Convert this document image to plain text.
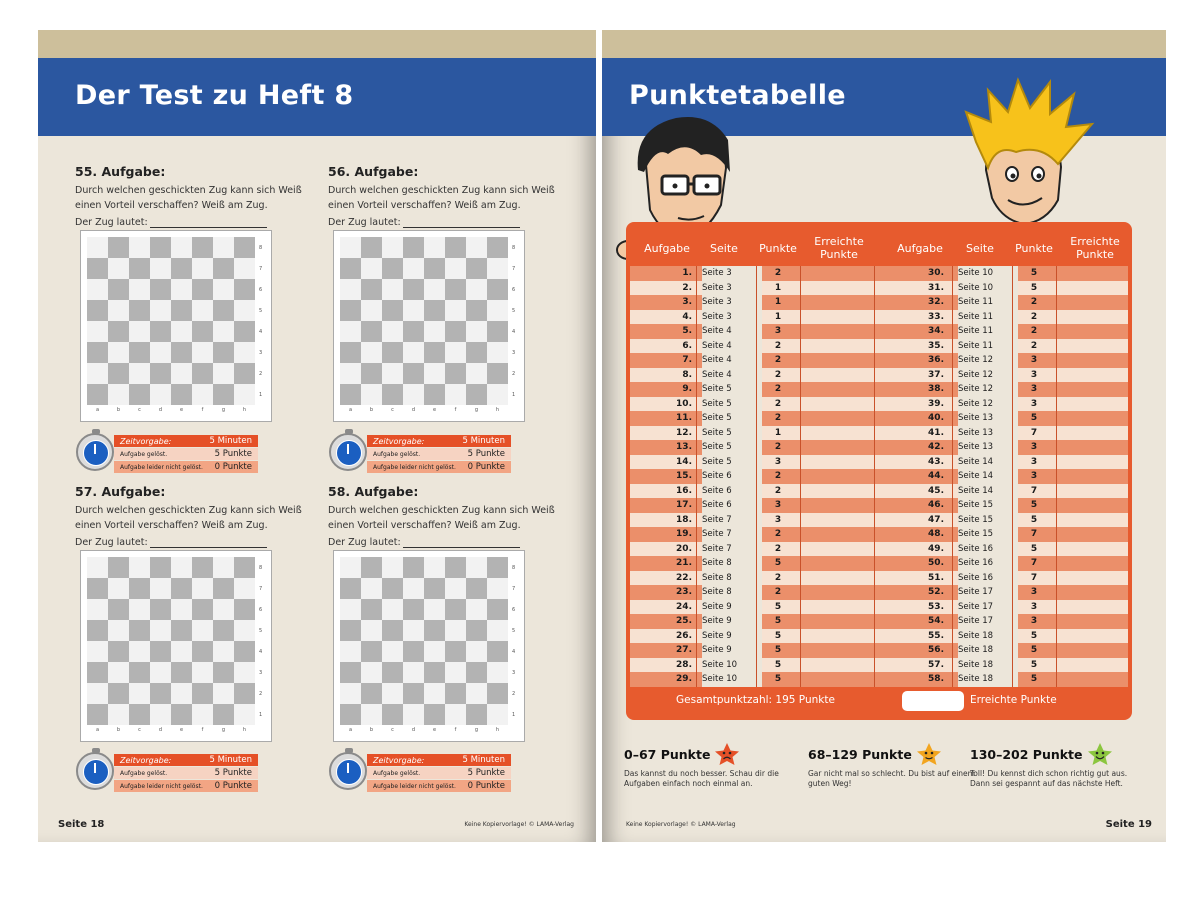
Der Test zu Heft 8
55. Aufgabe:
Durch welchen geschickten Zug kann sich Weiß einen Vorteil verschaffen? Weiß am Zug.
Der Zug lautet:
56. Aufgabe:
Durch welchen geschickten Zug kann sich Weiß einen Vorteil verschaffen? Weiß am Zug.
Der Zug lautet:
57. Aufgabe:
Durch welchen geschickten Zug kann sich Weiß einen Vorteil verschaffen? Weiß am Zug.
Der Zug lautet:
58. Aufgabe:
Durch welchen geschickten Zug kann sich Weiß einen Vorteil verschaffen? Weiß am Zug.
Der Zug lautet:
8
7
6
5
4
3
2
1
a	b	c	d	e	f	g	h
8
7
6
5
4
3
2
1
a	b	c	d	e	f	g	h
8
7
6
5
4
3
2
1
a	b	c	d	e	f	g	h
8
7
6
5
4
3
2
1
a	b	c	d	e	f	g	h
Zeitvorgabe:	5 Minuten
Aufgabe gelöst.	5 Punkte
Aufgabe leider nicht gelöst. 0 Punkte
Zeitvorgabe:	5 Minuten
Aufgabe gelöst.	5 Punkte
Aufgabe leider nicht gelöst. 0 Punkte
Zeitvorgabe:	5 Minuten
Aufgabe gelöst.	5 Punkte
Aufgabe leider nicht gelöst. 0 Punkte
Zeitvorgabe:	5 Minuten
Aufgabe gelöst.	5 Punkte
Aufgabe leider nicht gelöst. 0 Punkte
Seite 18	Keine Kopiervorlage! © LAMA-Verlag
Punktetabelle
Aufgabe	Seite	Punkte	Erreichte
Punkte	Aufgabe	Seite	Punkte	Erreichte
Punkte
1. Seite 3	2	30. Seite 10	5
2. Seite 3	1	31. Seite 10	5
3. Seite 3	1	32. Seite 11	2
4. Seite 3	1	33. Seite 11	2
5. Seite 4	3	34. Seite 11	2
6. Seite 4	2	35. Seite 11	2
7. Seite 4	2	36. Seite 12	3
8. Seite 4	2	37. Seite 12	3
9. Seite 5	2	38. Seite 12	3
10. Seite 5	2	39. Seite 12	3
11. Seite 5	2	40. Seite 13	5
12. Seite 5	1	41. Seite 13	7
13. Seite 5	2	42. Seite 13	3
14. Seite 5	3	43. Seite 14	3
15. Seite 6	2	44. Seite 14	3
16. Seite 6	2	45. Seite 14	7
17. Seite 6	3	46. Seite 15	5
18. Seite 7	3	47. Seite 15	5
19. Seite 7	2	48. Seite 15	7
20. Seite 7	2	49. Seite 16	5
21. Seite 8	5	50. Seite 16	7
22. Seite 8	2	51. Seite 16	7
23. Seite 8	2	52. Seite 17	3
24. Seite 9	5	53. Seite 17	3
25. Seite 9	5	54. Seite 17	3
26. Seite 9	5	55. Seite 18	5
27. Seite 9	5	56. Seite 18	5
28. Seite 10	5	57. Seite 18	5
29. Seite 10	5	58. Seite 18	5
Gesamtpunktzahl: 195 Punkte	Erreichte Punkte
0–67 Punkte
Das kannst du noch besser. Schau dir die Aufgaben einfach noch einmal an.
68–129 Punkte
Gar nicht mal so schlecht. Du bist auf einem guten Weg!
130–202 Punkte
Toll! Du kennst dich schon richtig gut aus. Dann sei gespannt auf das nächste Heft.
Keine Kopiervorlage! © LAMA-Verlag	Seite 19
